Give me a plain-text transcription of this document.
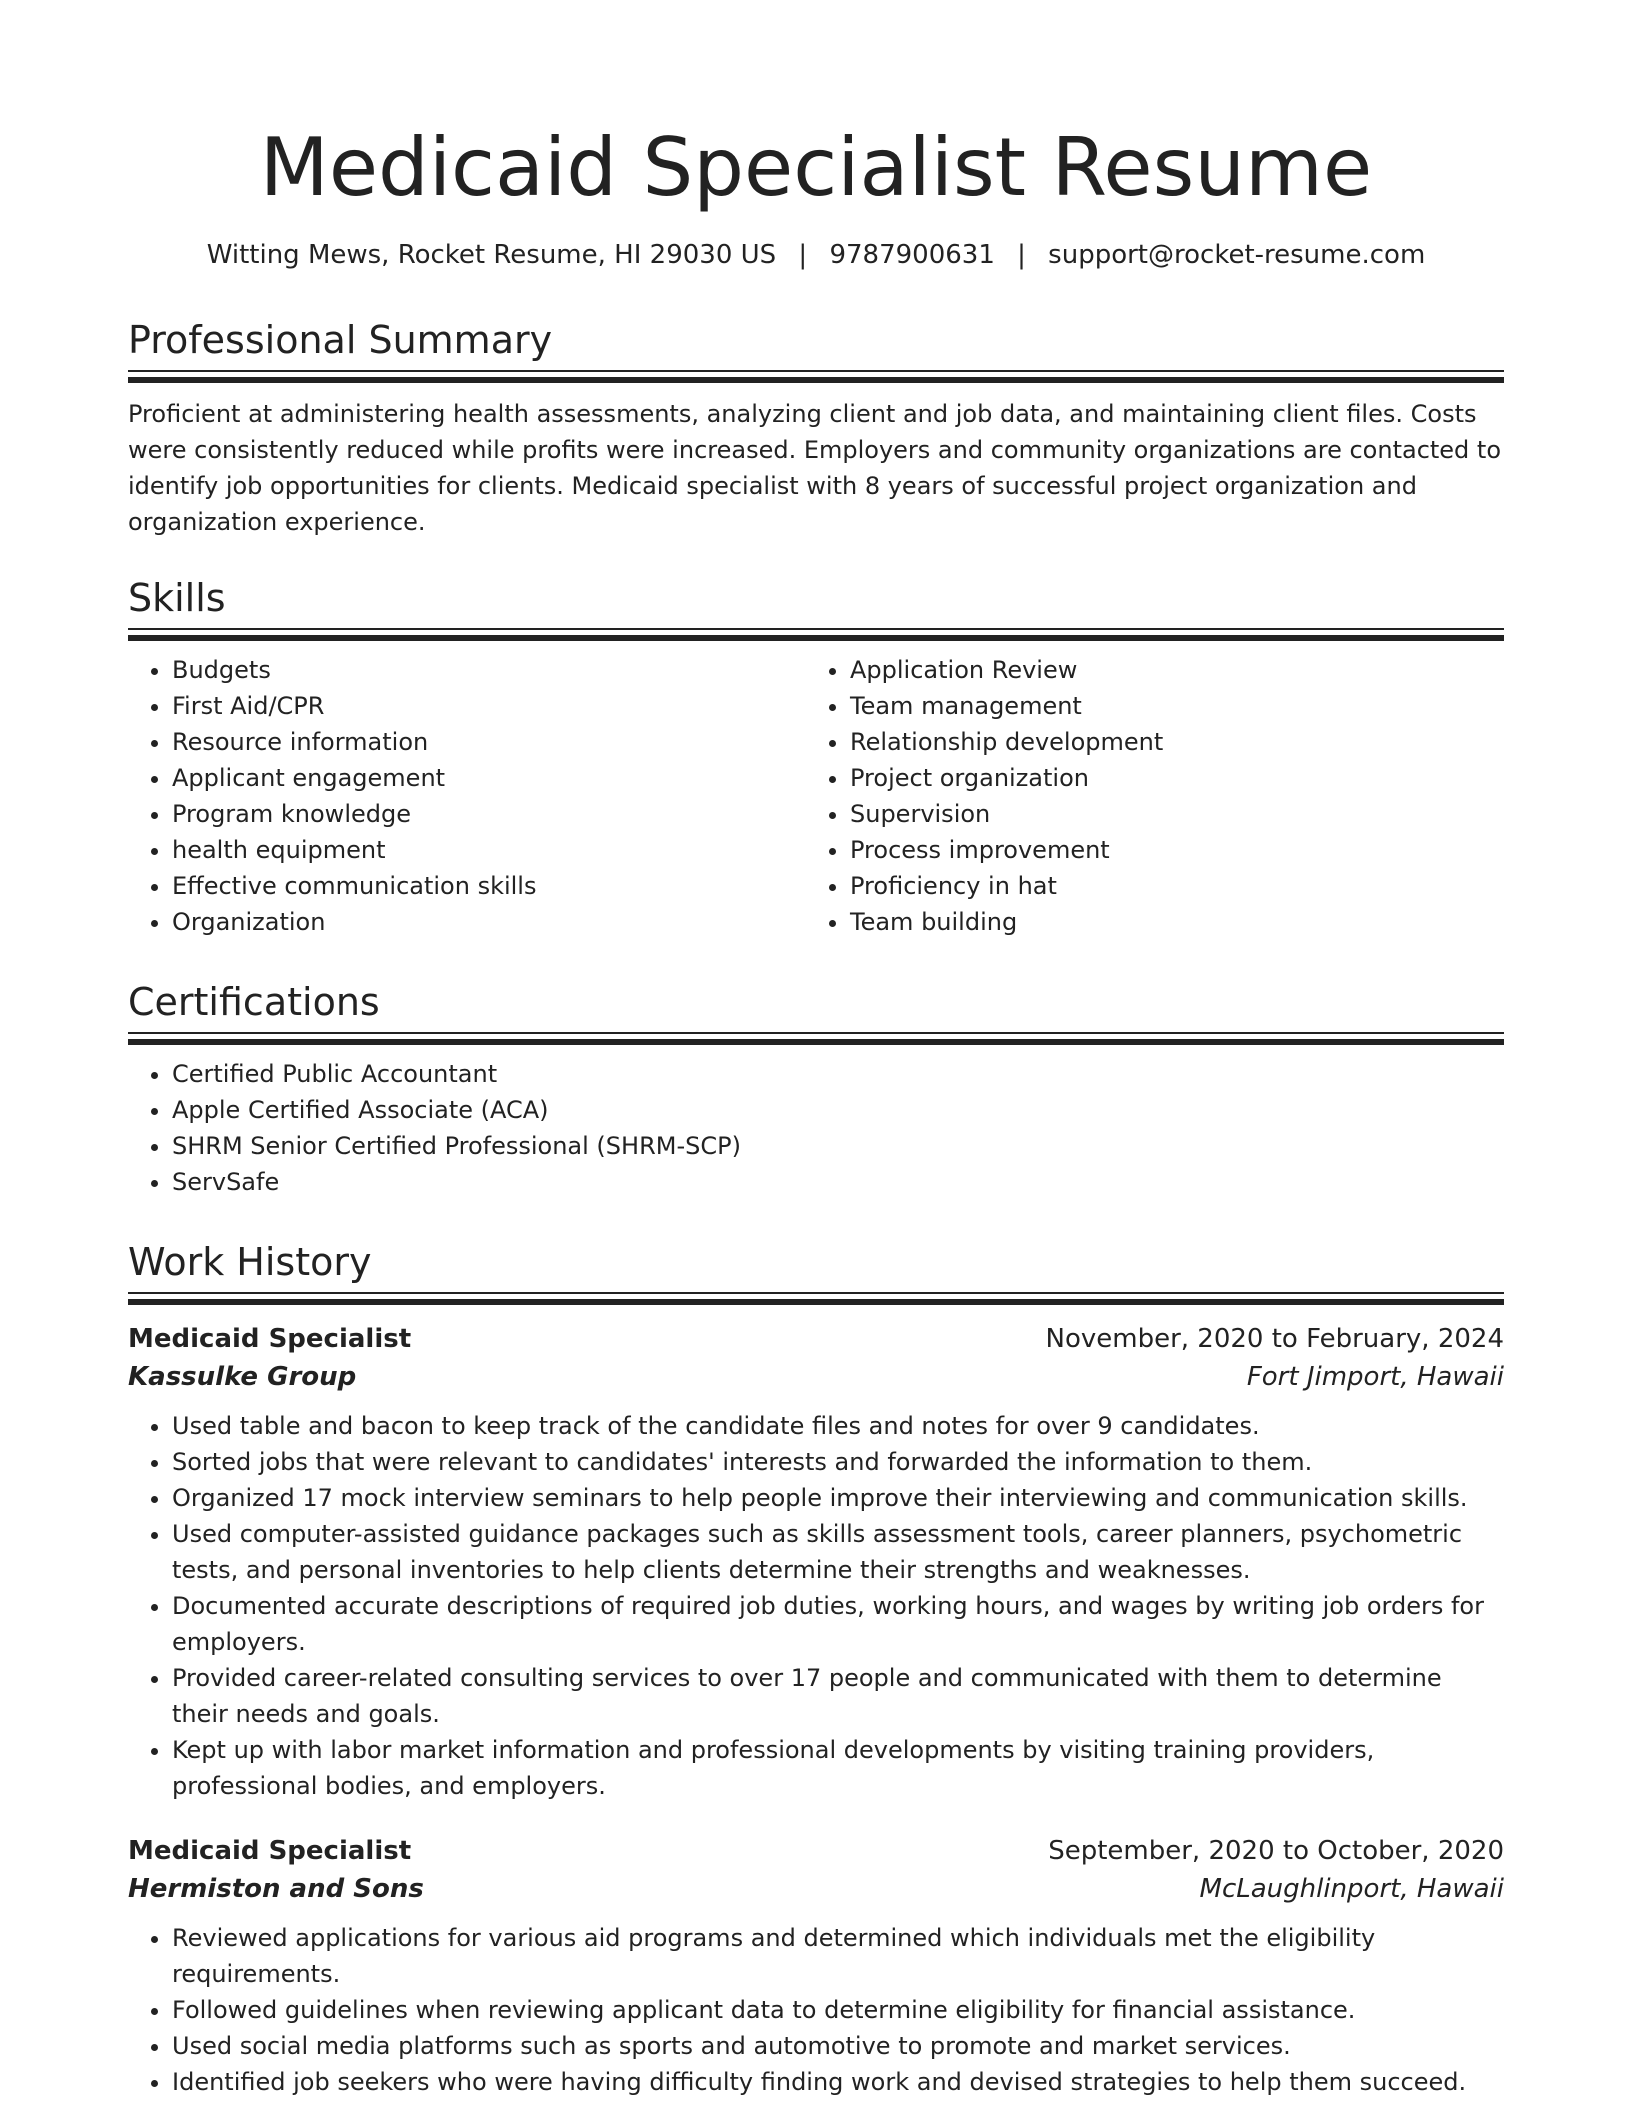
Medicaid Specialist Resume
Witting Mews, Rocket Resume, HI 29030 US | 9787900631 | support@rocket-resume.com
Professional Summary

Proficient at administering health assessments, analyzing client and job data, and maintaining client files. Costs were consistently reduced while profits were increased. Employers and community organizations are contacted to identify job opportunities for clients. Medicaid specialist with 8 years of successful project organization and organization experience.

Skills
• Budgets
• First Aid/CPR
• Resource information
• Applicant engagement
• Program knowledge
• health equipment
• Effective communication skills
• Organization
• Application Review
• Team management
• Relationship development
• Project organization
• Supervision
• Process improvement
• Proficiency in hat
• Team building
Certifications
• Certified Public Accountant
• Apple Certified Associate (ACA)
• SHRM Senior Certified Professional (SHRM-SCP)
• ServSafe
Work History
Medicaid Specialist	November, 2020 to February, 2024
Kassulke Group	Fort Jimport, Hawaii
• Used table and bacon to keep track of the candidate files and notes for over 9 candidates.
• Sorted jobs that were relevant to candidates' interests and forwarded the information to them.
• Organized 17 mock interview seminars to help people improve their interviewing and communication skills.
• Used computer-assisted guidance packages such as skills assessment tools, career planners, psychometric tests, and personal inventories to help clients determine their strengths and weaknesses.
• Documented accurate descriptions of required job duties, working hours, and wages by writing job orders for employers.
• Provided career-related consulting services to over 17 people and communicated with them to determine their needs and goals.
• Kept up with labor market information and professional developments by visiting training providers, professional bodies, and employers.
Medicaid Specialist	September, 2020 to October, 2020
Hermiston and Sons	McLaughlinport, Hawaii
• Reviewed applications for various aid programs and determined which individuals met the eligibility requirements.
• Followed guidelines when reviewing applicant data to determine eligibility for financial assistance.
• Used social media platforms such as sports and automotive to promote and market services.
• Identified job seekers who were having difficulty finding work and devised strategies to help them succeed.
